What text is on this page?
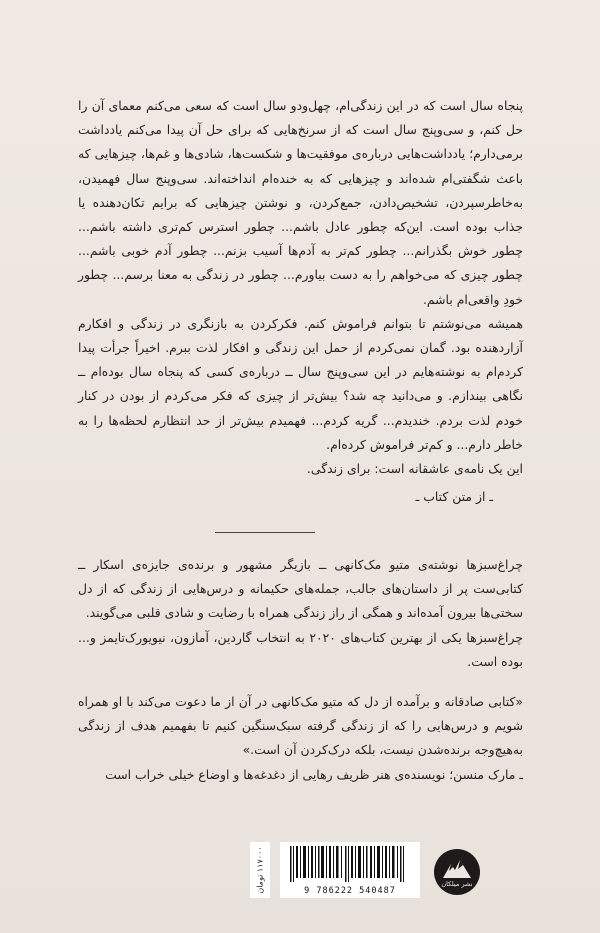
پنجاه سال است که در این زندگی‌ام، چهل‌ودو سال است که سعی می‌کنم معمای آن را حل کنم، و سی‌وپنج سال است که از سرنخ‌هایی که برای حل آن پیدا می‌کنم یادداشت برمی‌دارم؛ یادداشت‌هایی درباره‌ی موفقیت‌ها و شکست‌ها، شادی‌ها و غم‌ها، چیزهایی که باعث شگفتی‌ام شده‌اند و چیزهایی که به خنده‌ام انداخته‌اند. سی‌وپنج سال فهمیدن، به‌خاطرسپردن، تشخیص‌دادن، جمع‌کردن، و نوشتن چیزهایی که برایم تکان‌دهنده یا جذاب بوده است. این‌که چطور عادل باشم... چطور استرس کم‌تری داشته باشم... چطور خوش بگذرانم... چطور کم‌تر به آدم‌ها آسیب بزنم... چطور آدم خوبی باشم... چطور چیزی که می‌خواهم را به دست بیاورم... چطور در زندگی به معنا برسم... چطور خودِ واقعی‌ام باشم.

همیشه می‌نوشتم تا بتوانم فراموش کنم. فکرکردن به بازنگری در زندگی و افکارم آزاردهنده بود. گمان نمی‌کردم از حمل این زندگی و افکار لذت ببرم. اخیراً جرأت پیدا کردم‌ام به نوشته‌هایم در این سی‌وپنج سال ــ درباره‌ی کسی که پنجاه سال بوده‌ام ــ نگاهی بیندازم. و می‌دانید چه شد؟ بیش‌تر از چیزی که فکر می‌کردم از بودن در کنار خودم لذت بردم. خندیدم... گریه کردم... فهمیدم بیش‌تر از حد انتظارم لحظه‌ها را به خاطر دارم... و کم‌تر فراموش کرده‌ام.

این یک نامه‌ی عاشقانه است: برای زندگی.

ـ از متن کتاب ـ

چراغ‌سبزها نوشته‌ی متیو مک‌کانهی ــ بازیگر مشهور و برنده‌ی جایزه‌ی اسکار ــ کتابی‌ست پر از داستان‌های جالب، جمله‌های حکیمانه و درس‌هایی از زندگی که از دل سختی‌ها بیرون آمده‌اند و همگی از راز زندگی همراه با رضایت و شادی قلبی می‌گویند.

چراغ‌سبزها یکی از بهترین کتاب‌های ۲۰۲۰ به انتخاب گاردین، آمازون، نیویورک‌تایمز و... بوده است.

«کتابی صادقانه و برآمده از دل که متیو مک‌کانهی در آن از ما دعوت می‌کند با او همراه شویم و درس‌هایی را که از زندگی گرفته سبک‌سنگین کنیم تا بفهمیم هدف از زندگی به‌هیچ‌وجه برنده‌شدن نیست، بلکه درک‌کردن آن است.»

ـ مارک منسن؛ نویسنده‌ی هنر ظریف رهایی از دغدغه‌ها و اوضاع خیلی خراب است

نشر میلکان
9 786222 540487
۱۱۷۰۰۰ تومان
